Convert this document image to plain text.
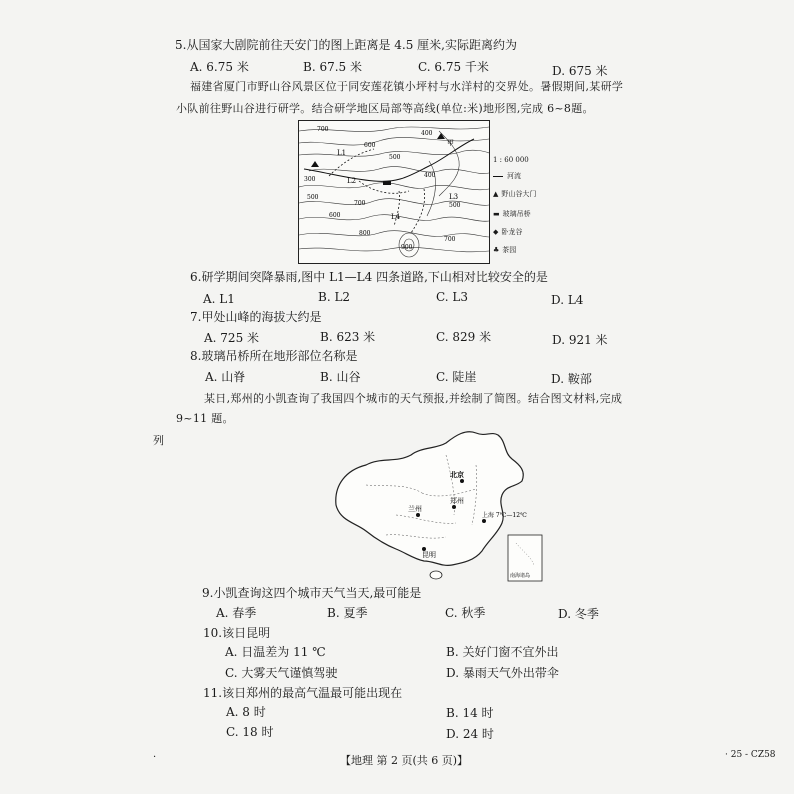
5.从国家大剧院前往天安门的图上距离是 4.5 厘米,实际距离约为
A. 6.75 米	B. 67.5 米	C. 6.75 千米	D. 675 米
福建省厦门市野山谷风景区位于同安莲花镇小坪村与水洋村的交界处。暑假期间,某研学
小队前往野山谷进行研学。结合研学地区局部等高线(单位:米)地形图,完成 6~8题。
700
600
500
400
300
400
500
600
700
800
900
500
700
L1
L2
L3
L4
甲
1 : 60 000
河流
▲ 野山谷大门
▬ 玻璃吊桥
◆ 卧龙谷
♣ 茶园
6.研学期间突降暴雨,图中 L1—L4 四条道路,下山相对比较安全的是
A. L1	B. L2	C. L3	D. L4
7.甲处山峰的海拔大约是
A. 725 米	B. 623 米	C. 829 米	D. 921 米
8.玻璃吊桥所在地形部位名称是
A. 山脊	B. 山谷	C. 陡崖	D. 鞍部
某日,郑州的小凯查询了我国四个城市的天气预报,并绘制了简图。结合图文材料,完成
9~11 题。
列
北京
兰州
上海 7℃—12℃
昆明
郑州
南海诸岛
9.小凯查询这四个城市天气当天,最可能是
A. 春季	B. 夏季	C. 秋季	D. 冬季
10.该日昆明
A. 日温差为 11 ℃	B. 关好门窗不宜外出
C. 大雾天气谨慎驾驶	D. 暴雨天气外出带伞
11.该日郑州的最高气温最可能出现在
A. 8 时	B. 14 时
C. 18 时	D. 24 时
·	【地理 第 2 页(共 6 页)】	· 25 - CZ58
